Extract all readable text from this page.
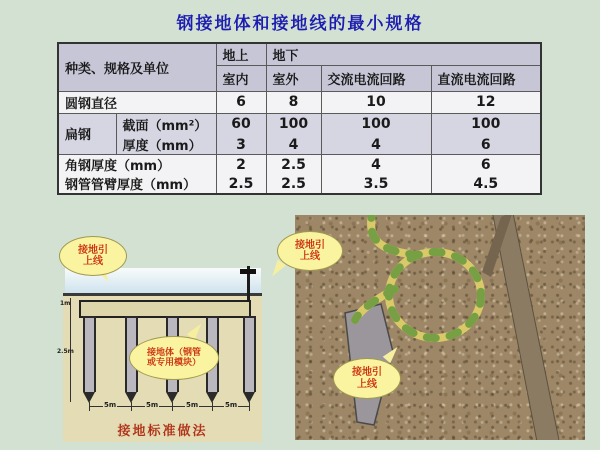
钢接地体和接地线的最小规格
种类、规格及单位		地上	地下		
		室内	室外	交流电流回路	直流电流回路
圆钢直径		6	8	10	12
扁钢	截面（mm²）	60	100	100	100
	厚度（mm）	3	4	4	6
角钢厚度（mm）		2	2.5	4	6
钢管管臂厚度（mm）		2.5	2.5	3.5	4.5
1m
2.5m
5m	5m	5m	5m
接地标准做法
接地引上线
接地体（钢管或专用模块）
接地引上线
接地引上线
